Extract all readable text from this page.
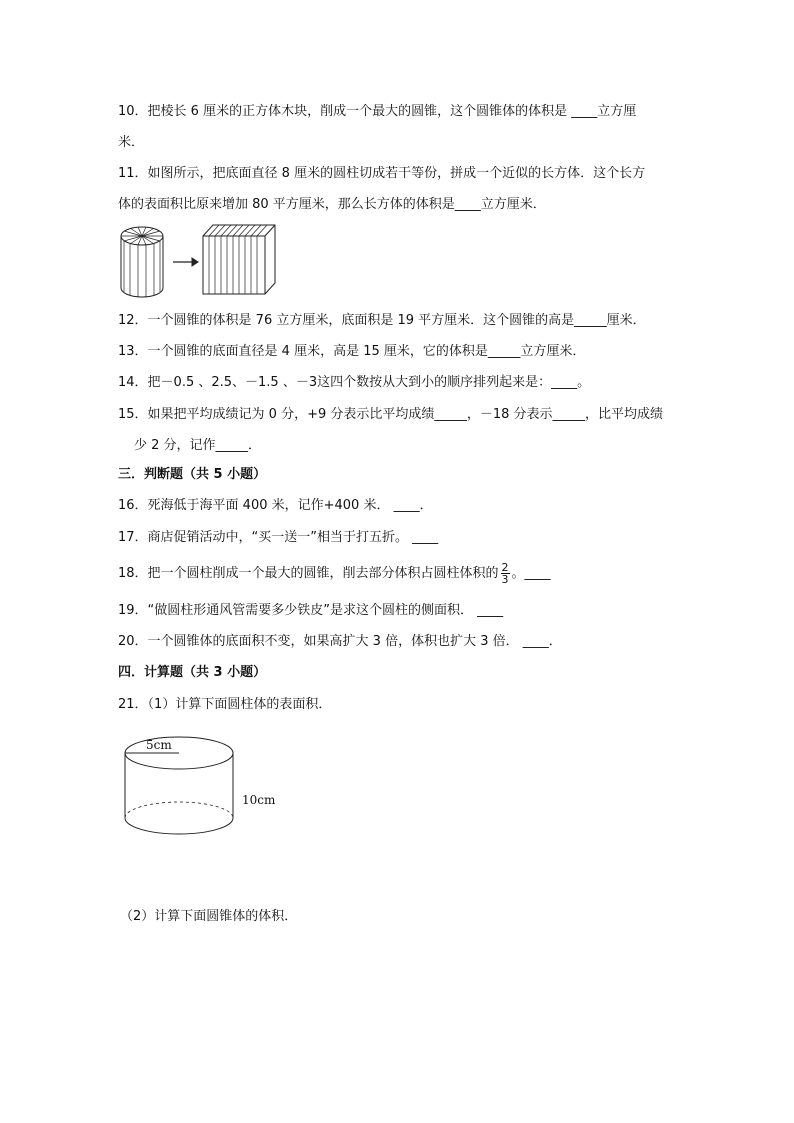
10．把棱长 6 厘米的正方体木块，削成一个最大的圆锥，这个圆锥体的体积是 ____立方厘
米．
11．如图所示，把底面直径 8 厘米的圆柱切成若干等份，拼成一个近似的长方体．这个长方
体的表面积比原来增加 80 平方厘米，那么长方体的体积是____立方厘米．
12．一个圆锥的体积是 76 立方厘米，底面积是 19 平方厘米．这个圆锥的高是_____厘米．
13．一个圆锥的底面直径是 4 厘米，高是 15 厘米，它的体积是_____立方厘米．
14．把－0.5 、2.5、－1.5 、－3这四个数按从大到小的顺序排列起来是：____。
15．如果把平均成绩记为 0 分，+9 分表示比平均成绩_____，－18 分表示_____，比平均成绩
少 2 分，记作_____．
三．判断题（共 5 小题）
16．死海低于海平面 400 米，记作+400 米． ____．
17．商店促销活动中，“买一送一”相当于打五折。 ____
18．把一个圆柱削成一个最大的圆锥，削去部分体积占圆柱体积的 $\frac{2}{3}$ 。____
19．“做圆柱形通风管需要多少铁皮”是求这个圆柱的侧面积． ____
20．一个圆锥体的底面积不变，如果高扩大 3 倍，体积也扩大 3 倍． ____．
四．计算题（共 3 小题）
21．（1）计算下面圆柱体的表面积．
5cm
10cm
（2）计算下面圆锥体的体积．
